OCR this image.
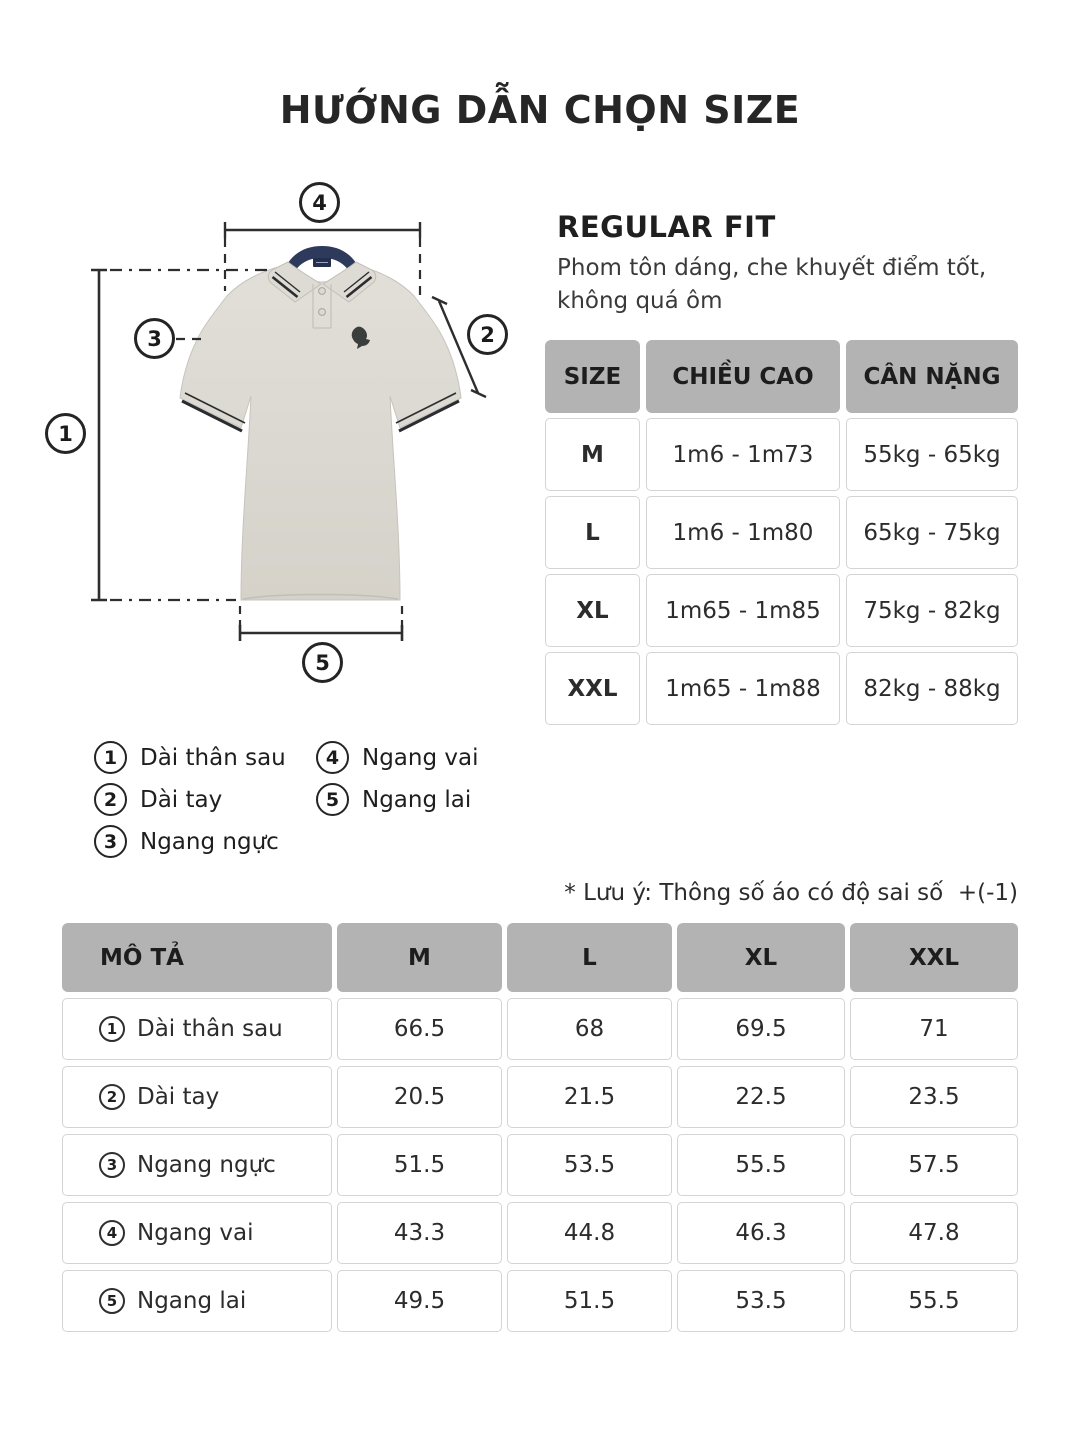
HƯỚNG DẪN CHỌN SIZE
1
2
3
4
5
REGULAR FIT
Phom tôn dáng, che khuyết điểm tốt,
không quá ôm
SIZE	CHIỀU CAO	CÂN NẶNG
M	1m6 - 1m73	55kg - 65kg
L	1m6 - 1m80	65kg - 75kg
XL	1m65 - 1m85	75kg - 82kg
XXL	1m65 - 1m88	82kg - 88kg
1 Dài thân sau
2 Dài tay
3 Ngang ngực
4 Ngang vai
5 Ngang lai
* Lưu ý: Thông số áo có độ sai số  +(-1)
MÔ TẢ	M	L	XL	XXL
1 Dài thân sau	66.5	68	69.5	71
2 Dài tay	20.5	21.5	22.5	23.5
3 Ngang ngực	51.5	53.5	55.5	57.5
4 Ngang vai	43.3	44.8	46.3	47.8
5 Ngang lai	49.5	51.5	53.5	55.5
